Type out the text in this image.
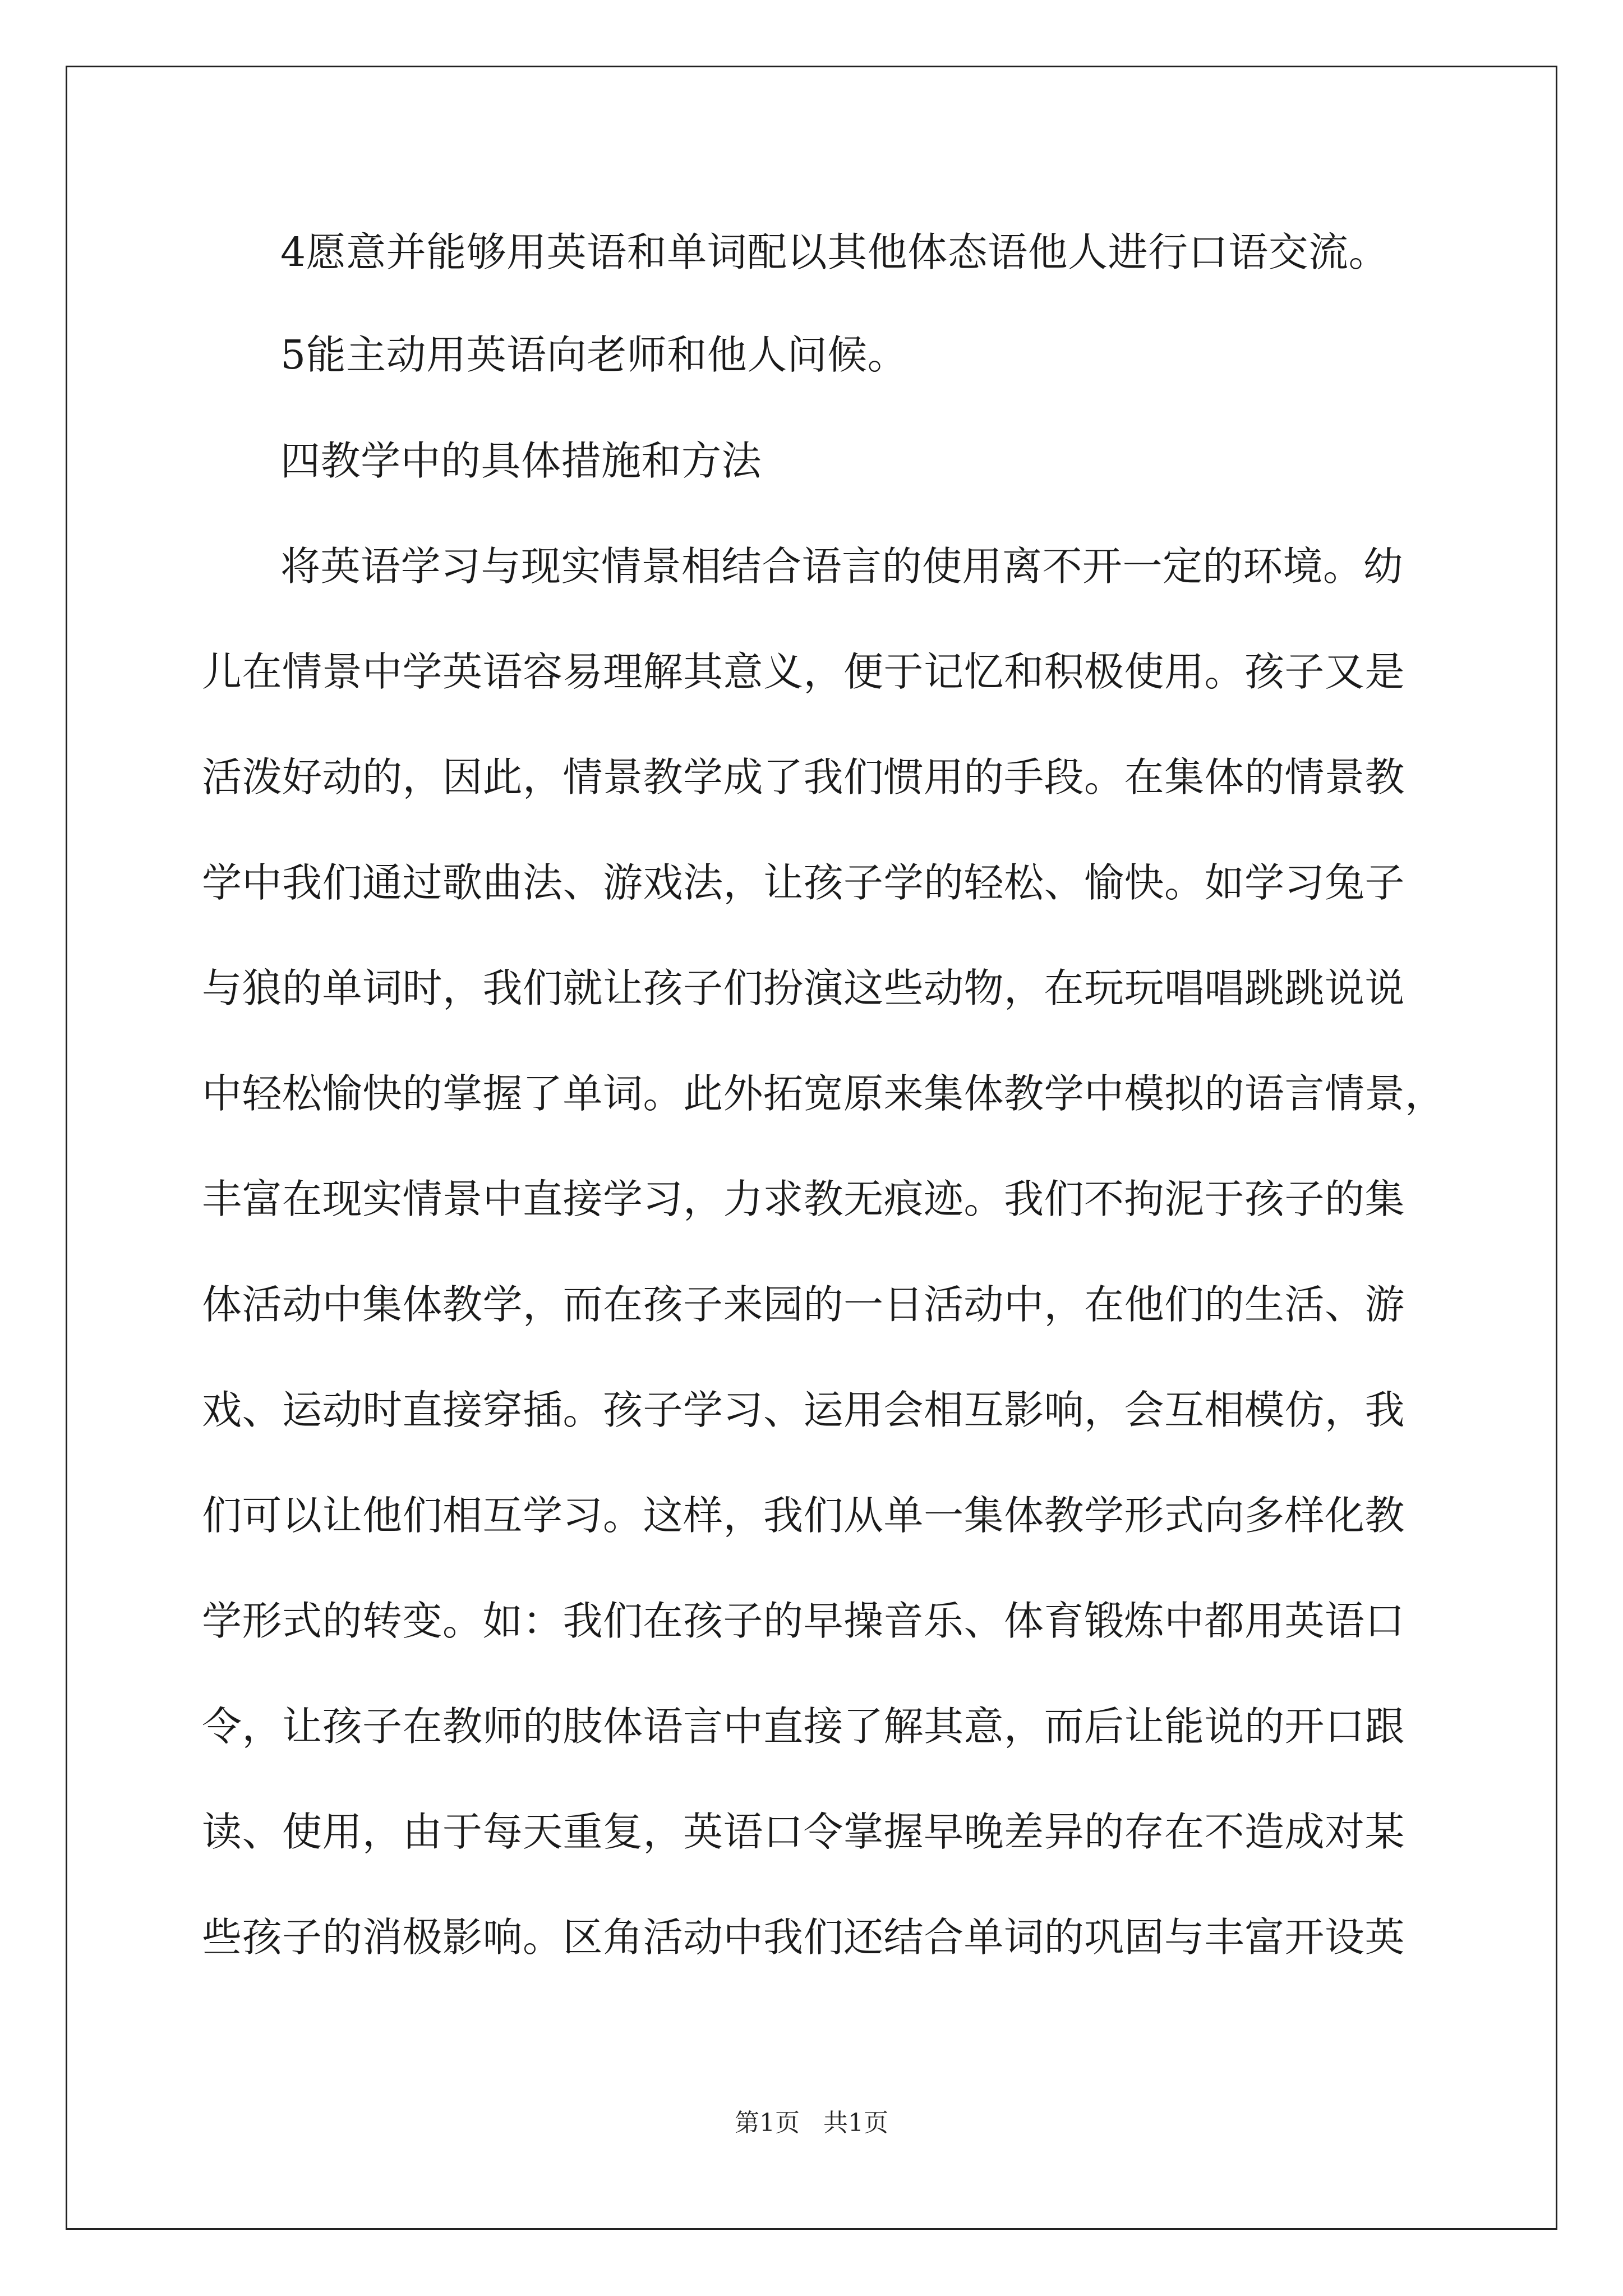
4愿意并能够用英语和单词配以其他体态语他人进行口语交流。
5能主动用英语向老师和他人问候。
四教学中的具体措施和方法
将英语学习与现实情景相结合语言的使用离不开一定的环境。幼
儿在情景中学英语容易理解其意义，便于记忆和积极使用。孩子又是
活泼好动的，因此，情景教学成了我们惯用的手段。在集体的情景教
学中我们通过歌曲法、游戏法，让孩子学的轻松、愉快。如学习兔子
与狼的单词时，我们就让孩子们扮演这些动物，在玩玩唱唱跳跳说说
中轻松愉快的掌握了单词。此外拓宽原来集体教学中模拟的语言情景，
丰富在现实情景中直接学习，力求教无痕迹。我们不拘泥于孩子的集
体活动中集体教学，而在孩子来园的一日活动中，在他们的生活、游
戏、运动时直接穿插。孩子学习、运用会相互影响，会互相模仿，我
们可以让他们相互学习。这样，我们从单一集体教学形式向多样化教
学形式的转变。如：我们在孩子的早操音乐、体育锻炼中都用英语口
令，让孩子在教师的肢体语言中直接了解其意，而后让能说的开口跟
读、使用，由于每天重复，英语口令掌握早晚差异的存在不造成对某
些孩子的消极影响。区角活动中我们还结合单词的巩固与丰富开设英
第1页 共1页
